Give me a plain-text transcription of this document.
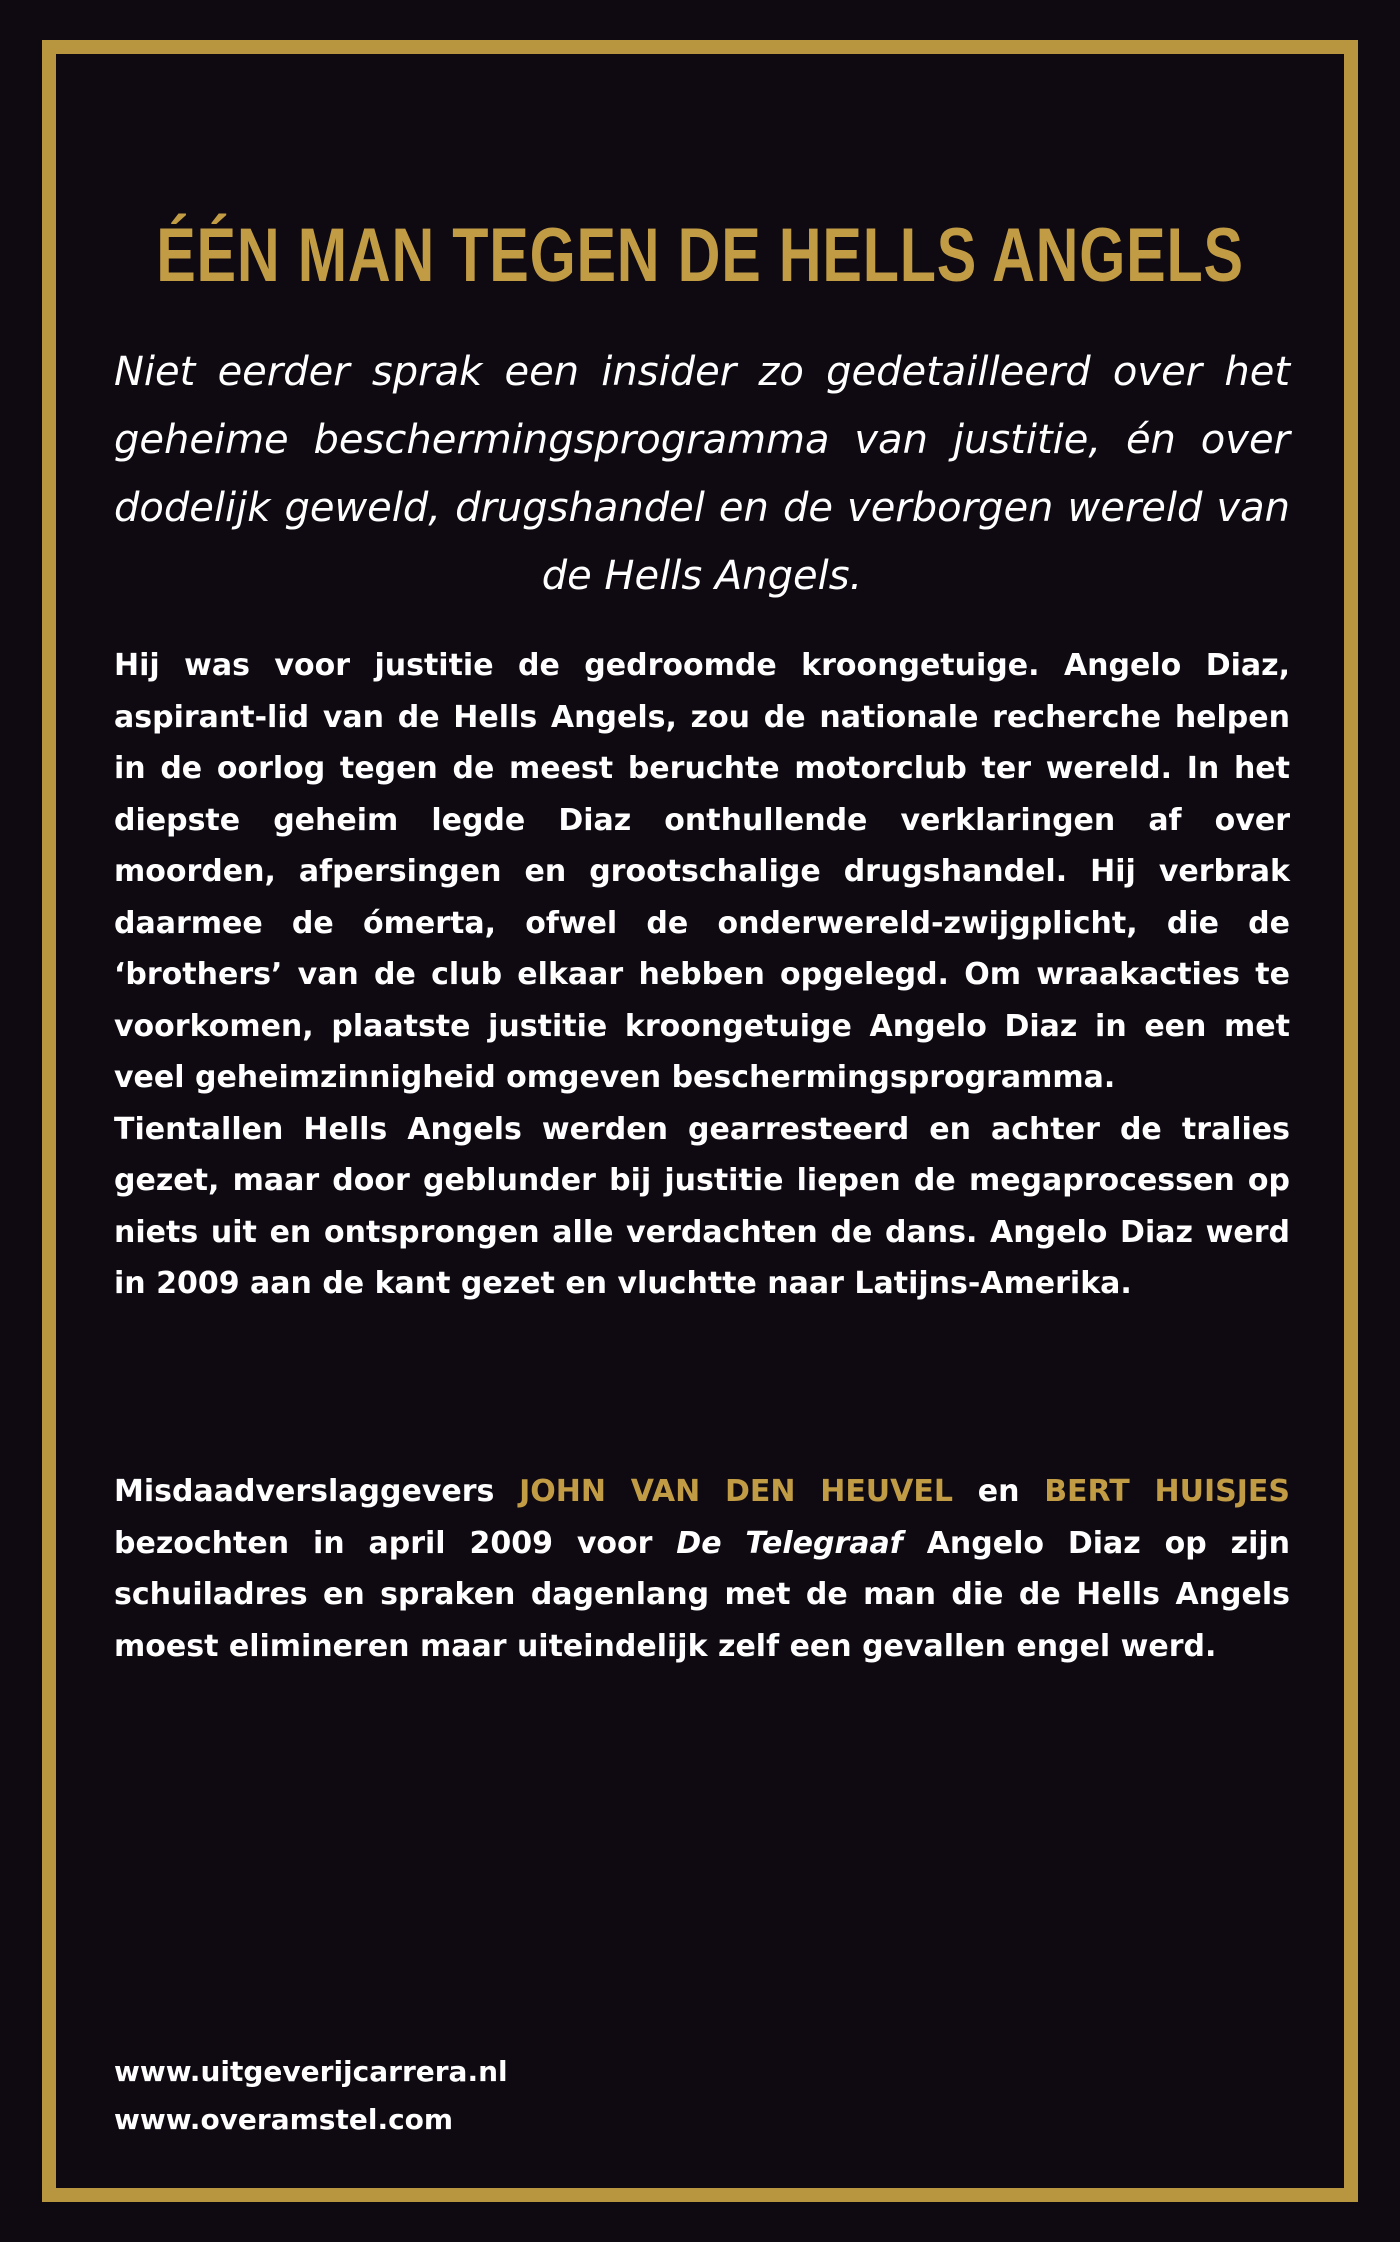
ÉÉN MAN TEGEN DE HELLS ANGELS

Niet eerder sprak een insider zo gedetailleerd over het geheime beschermingsprogramma van justitie, én over dodelijk geweld, drugshandel en de verborgen wereld van de Hells Angels.

Hij was voor justitie de gedroomde kroongetuige. Angelo Diaz, aspirant-lid van de Hells Angels, zou de nationale recherche helpen in de oorlog tegen de meest beruchte motorclub ter wereld. In het diepste geheim legde Diaz onthullende verklaringen af over moorden, afpersingen en grootschalige drugshandel. Hij verbrak daarmee de ómerta, ofwel de onderwereld-zwijgplicht, die de ‘brothers’ van de club elkaar hebben opgelegd. Om wraakacties te voorkomen, plaatste justitie kroongetuige Angelo Diaz in een met veel geheimzinnigheid omgeven beschermingsprogramma.
Tientallen Hells Angels werden gearresteerd en achter de tralies gezet, maar door geblunder bij justitie liepen de megaprocessen op niets uit en ontsprongen alle verdachten de dans. Angelo Diaz werd in 2009 aan de kant gezet en vluchtte naar Latijns-Amerika.

Misdaadverslaggevers JOHN VAN DEN HEUVEL en BERT HUISJES bezochten in april 2009 voor De Telegraaf Angelo Diaz op zijn schuiladres en spraken dagenlang met de man die de Hells Angels moest elimineren maar uiteindelijk zelf een gevallen engel werd.

www.uitgeverijcarrera.nl
www.overamstel.com
